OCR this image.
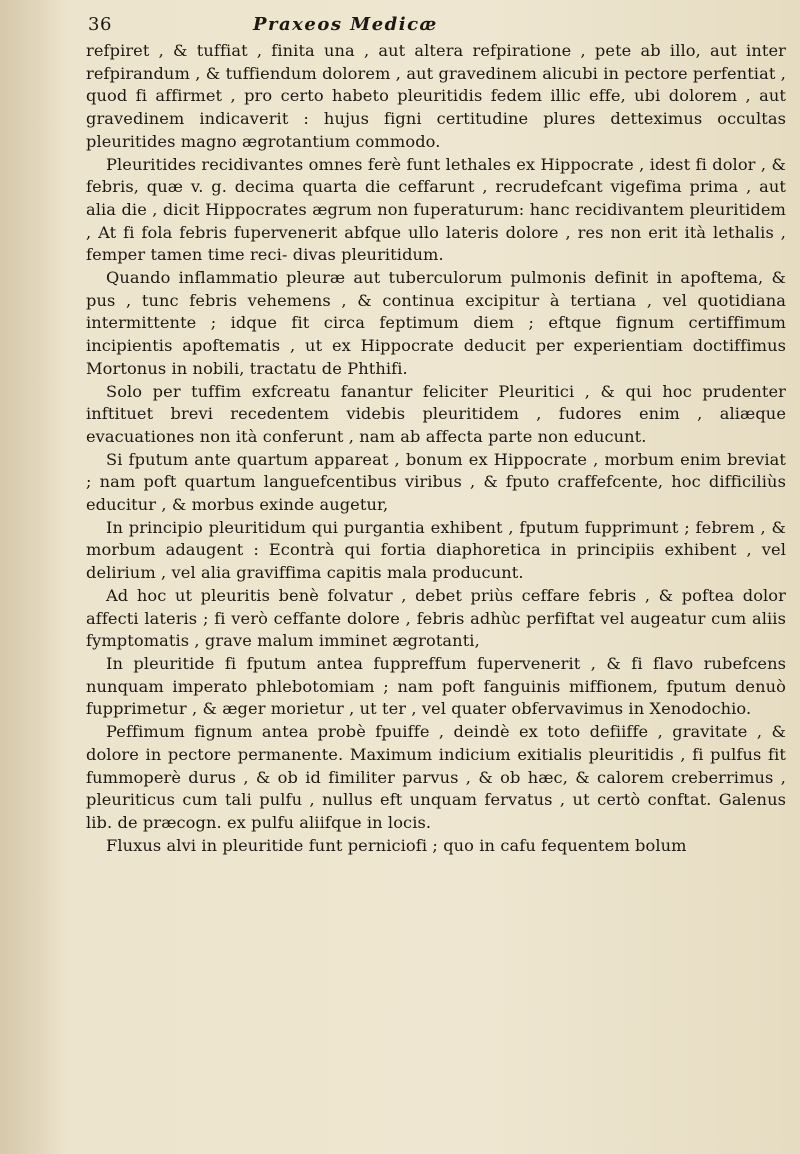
36	Praxeos Medicæ

refpiret , & tuffiat , finita una , aut altera refpiratione , pete ab illo, aut inter refpirandum , & tuffiendum dolorem , aut gravedinem alicubi in pectore perfentiat , quod fi affirmet , pro certo habeto pleuritidis fedem illic effe, ubi dolorem , aut gravedinem indicaverit : hujus figni certitudine plures detteximus occultas pleuritides magno ægrotantium commodo.

Pleuritides recidivantes omnes ferè funt lethales ex Hippocrate , idest fi dolor , & febris, quæ v. g. decima quarta die ceffarunt , recrudefcant vigefima prima , aut alia die , dicit Hippocrates ægrum non fuperaturum: hanc recidivantem pleuritidem , At fi fola febris fupervenerit abfque ullo lateris dolore , res non erit ità lethalis , femper tamen time reci- divas pleuritidum.

Quando inflammatio pleuræ aut tuberculorum pulmonis definit in apoftema, & pus , tunc febris vehemens , & continua excipitur à tertiana , vel quotidiana intermittente ; idque fit circa feptimum diem ; eftque fignum certiffimum incipientis apoftematis , ut ex Hippocrate deducit per experientiam doctiffimus Mortonus in nobili, tractatu de Phthifi.

Solo per tuffim exfcreatu fanantur feliciter Pleuritici , & qui hoc prudenter inftituet brevi recedentem videbis pleuritidem , fudores enim , aliæque evacuationes non ità conferunt , nam ab affecta parte non educunt.

Si fputum ante quartum appareat , bonum ex Hippocrate , morbum enim breviat ; nam poft quartum languefcentibus viribus , & fputo craffefcente, hoc difficiliùs educitur , & morbus exinde augetur,

In principio pleuritidum qui purgantia exhibent , fputum fupprimunt ; febrem , & morbum adaugent : Econtrà qui fortia diaphoretica in principiis exhibent , vel delirium , vel alia graviffima capitis mala producunt.

Ad hoc ut pleuritis benè folvatur , debet priùs ceffare febris , & poftea dolor affecti lateris ; fi verò ceffante dolore , febris adhùc perfiftat vel augeatur cum aliis fymptomatis , grave malum imminet ægrotanti,

In pleuritide fi fputum antea fuppreffum fupervenerit , & fi flavo rubefcens nunquam imperato phlebotomiam ; nam poft fanguinis miffionem, fputum denuò fupprimetur , & æger morietur , ut ter , vel quater obfervavimus in Xenodochio.

Peffimum fignum antea probè fpuiffe , deindè ex toto defiiffe , gravitate , & dolore in pectore permanente. Maximum indicium exitialis pleuritidis , fi pulfus fit fummoperè durus , & ob id fimiliter parvus , & ob hæc, & calorem creberrimus , pleuriticus cum tali pulfu , nullus eft unquam fervatus , ut certò conftat. Galenus lib. de præcogn. ex pulfu aliifque in locis.

Fluxus alvi in pleuritide funt perniciofi ; quo in cafu fequentem bolum
